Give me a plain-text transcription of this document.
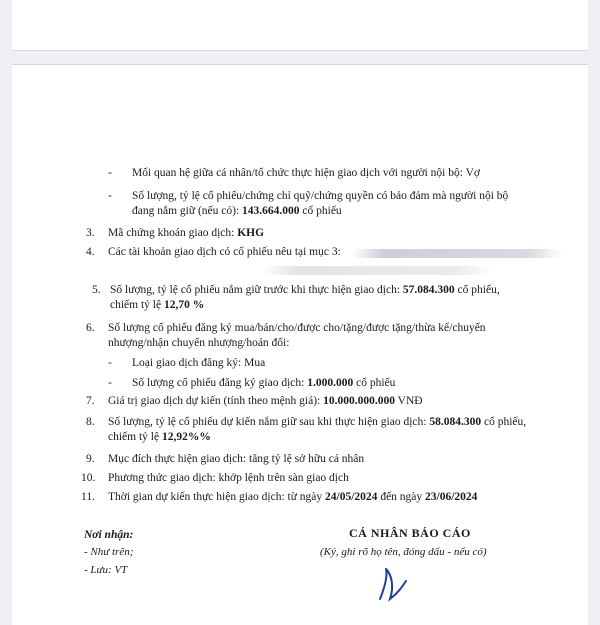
- Mối quan hệ giữa cá nhân/tổ chức thực hiện giao dịch với người nội bộ: Vợ
- Số lượng, tỷ lệ cổ phiếu/chứng chỉ quỹ/chứng quyền có bảo đảm mà người nội bộ
đang nắm giữ (nếu có): 143.664.000 cổ phiếu
3. Mã chứng khoán giao dịch: KHG
4. Các tài khoản giao dịch có cổ phiếu nêu tại mục 3:
5. Số lượng, tỷ lệ cổ phiếu nắm giữ trước khi thực hiện giao dịch: 57.084.300 cổ phiếu,
chiếm tỷ lệ 12,70 %
6. Số lượng cổ phiếu đăng ký mua/bán/cho/được cho/tặng/được tặng/thừa kế/chuyển
nhượng/nhận chuyển nhượng/hoán đổi:
- Loại giao dịch đăng ký: Mua
- Số lượng cổ phiếu đăng ký giao dịch: 1.000.000 cổ phiếu
7. Giá trị giao dịch dự kiến (tính theo mệnh giá): 10.000.000.000 VNĐ
8. Số lượng, tỷ lệ cổ phiếu dự kiến nắm giữ sau khi thực hiện giao dịch: 58.084.300 cổ phiếu,
chiếm tỷ lệ 12,92%%
9. Mục đích thực hiện giao dịch: tăng tỷ lệ sở hữu cá nhân
10. Phương thức giao dịch: khớp lệnh trên sàn giao dịch
11. Thời gian dự kiến thực hiện giao dịch: từ ngày 24/05/2024 đến ngày 23/06/2024
Nơi nhận:
- Như trên;
- Lưu: VT
CÁ NHÂN BÁO CÁO
(Ký, ghi rõ họ tên, đóng dấu - nếu có)
